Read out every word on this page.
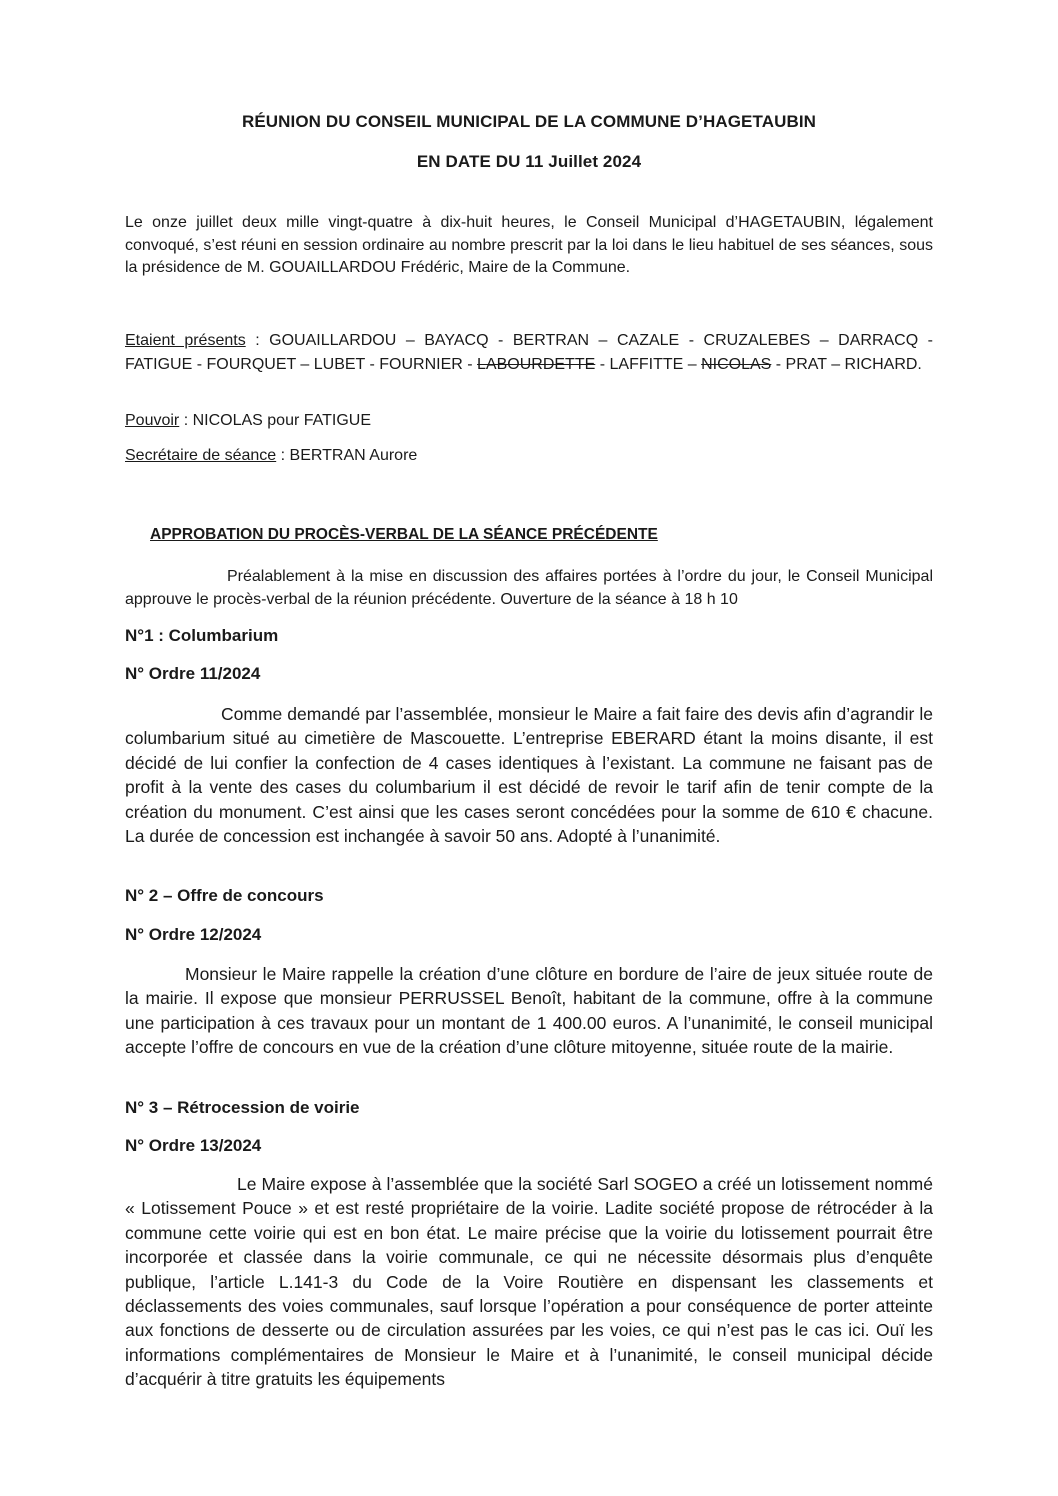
RÉUNION DU CONSEIL MUNICIPAL DE LA COMMUNE D’HAGETAUBIN
EN DATE DU 11 Juillet 2024
Le onze juillet deux mille vingt-quatre à dix-huit heures, le Conseil Municipal d’HAGETAUBIN, légalement convoqué, s’est réuni en session ordinaire au nombre prescrit par la loi dans le lieu habituel de ses séances, sous la présidence de M. GOUAILLARDOU Frédéric, Maire de la Commune.
Etaient présents : GOUAILLARDOU – BAYACQ - BERTRAN – CAZALE - CRUZALEBES – DARRACQ - FATIGUE - FOURQUET – LUBET - FOURNIER - LABOURDETTE - LAFFITTE – NICOLAS - PRAT – RICHARD.
Pouvoir : NICOLAS pour FATIGUE
Secrétaire de séance : BERTRAN Aurore
APPROBATION DU PROCÈS-VERBAL DE LA SÉANCE PRÉCÉDENTE
Préalablement à la mise en discussion des affaires portées à l’ordre du jour, le Conseil Municipal approuve le procès-verbal de la réunion précédente. Ouverture de la séance à 18 h 10
N°1 : Columbarium
N° Ordre 11/2024
Comme demandé par l’assemblée, monsieur le Maire a fait faire des devis afin d’agrandir le columbarium situé au cimetière de Mascouette. L’entreprise EBERARD étant la moins disante, il est décidé de lui confier la confection de 4 cases identiques à l’existant. La commune ne faisant pas de profit à la vente des cases du columbarium il est décidé de revoir le tarif afin de tenir compte de la création du monument. C’est ainsi que les cases seront concédées pour la somme de 610 € chacune. La durée de concession est inchangée à savoir 50 ans. Adopté à l’unanimité.
N° 2 – Offre de concours
N° Ordre 12/2024
Monsieur le Maire rappelle la création d’une clôture en bordure de l’aire de jeux située route de la mairie. Il expose que monsieur PERRUSSEL Benoît, habitant de la commune, offre à la commune une participation à ces travaux pour un montant de 1 400.00 euros. A l’unanimité, le conseil municipal accepte l’offre de concours en vue de la création d’une clôture mitoyenne, située route de la mairie.
N° 3 – Rétrocession de voirie
N° Ordre 13/2024
Le Maire expose à l’assemblée que la société Sarl SOGEO a créé un lotissement nommé « Lotissement Pouce » et est resté propriétaire de la voirie. Ladite société propose de rétrocéder à la commune cette voirie qui est en bon état. Le maire précise que la voirie du lotissement pourrait être incorporée et classée dans la voirie communale, ce qui ne nécessite désormais plus d’enquête publique, l’article L.141-3 du Code de la Voire Routière en dispensant les classements et déclassements des voies communales, sauf lorsque l’opération a pour conséquence de porter atteinte aux fonctions de desserte ou de circulation assurées par les voies, ce qui n’est pas le cas ici. Ouï les informations complémentaires de Monsieur le Maire et à l’unanimité, le conseil municipal décide d’acquérir à titre gratuits les équipements
